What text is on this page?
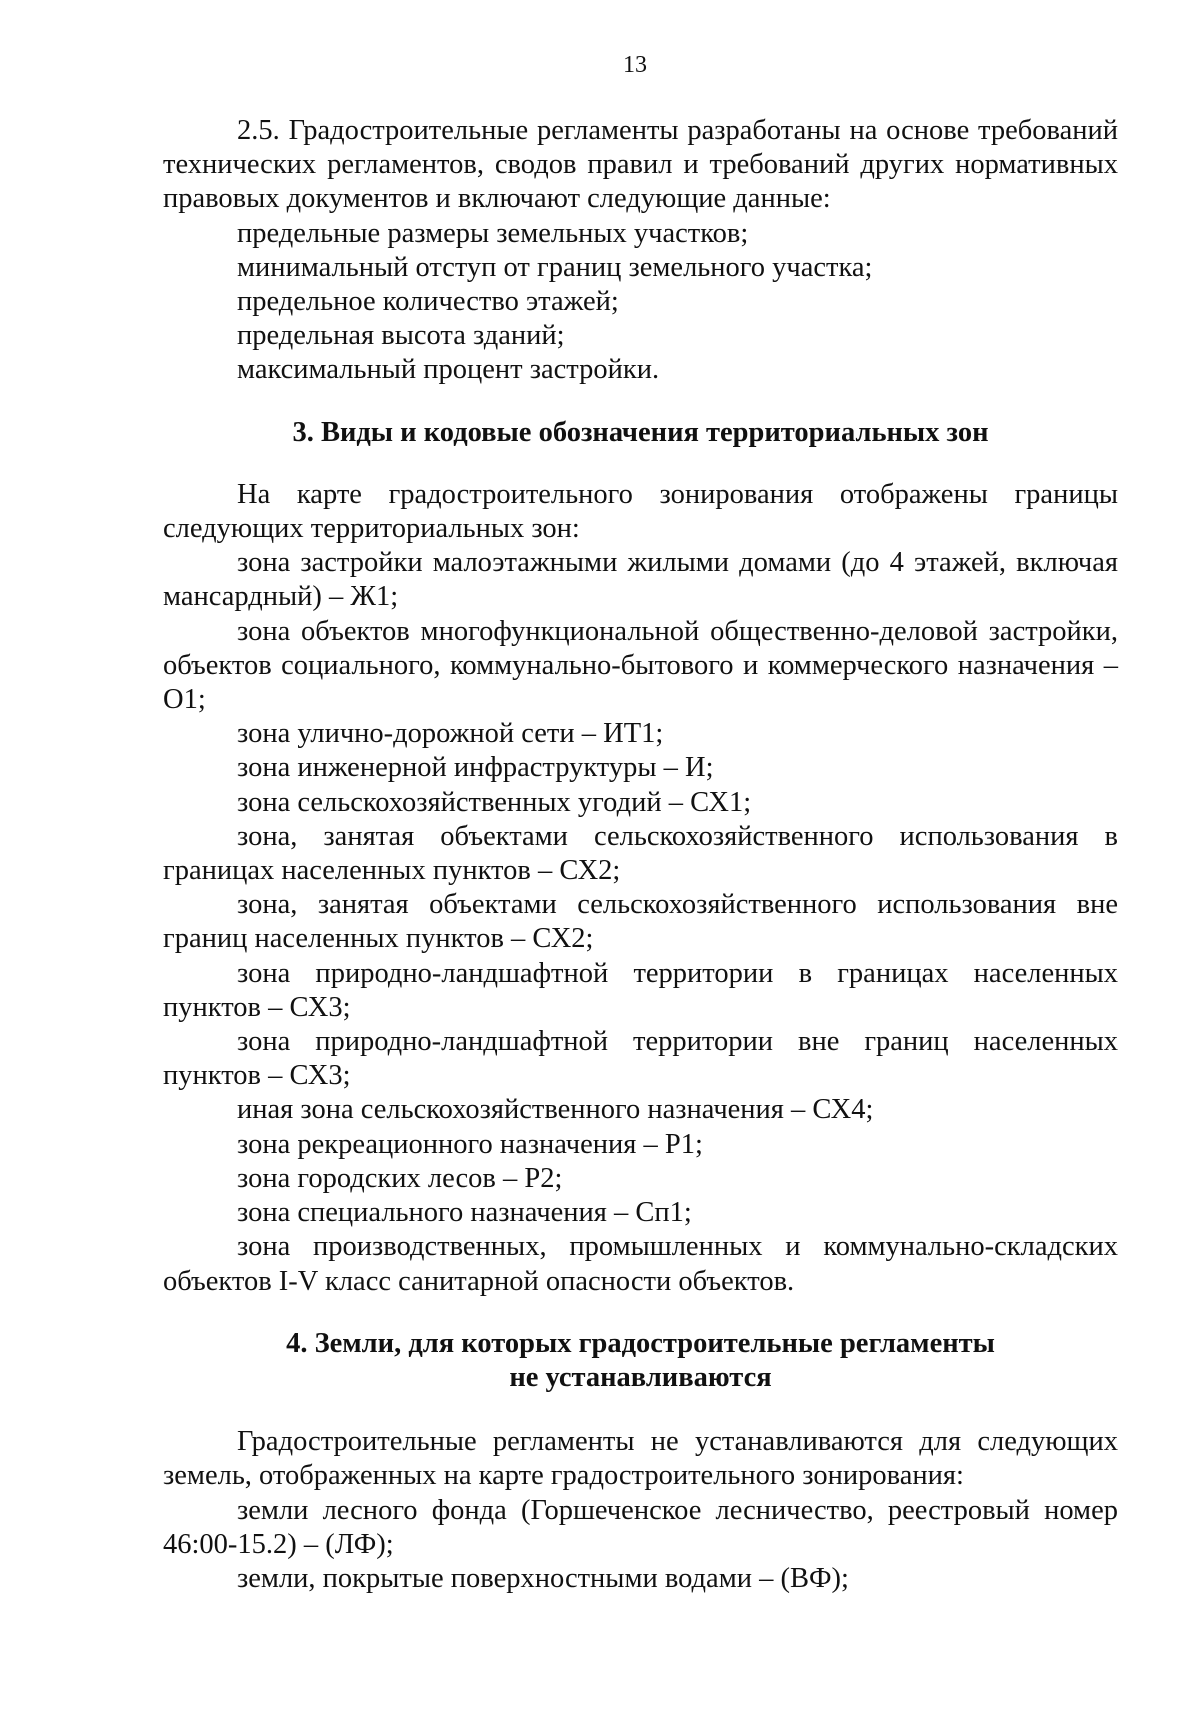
13

2.5. Градостроительные регламенты разработаны на основе требований технических регламентов, сводов правил и требований других нормативных правовых документов и включают следующие данные:

предельные размеры земельных участков;
минимальный отступ от границ земельного участка;
предельное количество этажей;
предельная высота зданий;
максимальный процент застройки.
3. Виды и кодовые обозначения территориальных зон

На карте градостроительного зонирования отображены границы следующих территориальных зон:

зона застройки малоэтажными жилыми домами (до 4 этажей, включая мансардный) – Ж1;
зона объектов многофункциональной общественно-деловой застройки, объектов социального, коммунально-бытового и коммерческого назначения – О1;
зона улично-дорожной сети – ИТ1;
зона инженерной инфраструктуры – И;
зона сельскохозяйственных угодий – СХ1;
зона, занятая объектами сельскохозяйственного использования в границах населенных пунктов – СХ2;
зона, занятая объектами сельскохозяйственного использования вне границ населенных пунктов – СХ2;
зона природно-ландшафтной территории в границах населенных пунктов – СХ3;
зона природно-ландшафтной территории вне границ населенных пунктов – СХ3;
иная зона сельскохозяйственного назначения – СХ4;
зона рекреационного назначения – Р1;
зона городских лесов – Р2;
зона специального назначения – Сп1;
зона производственных, промышленных и коммунально-складских объектов I-V класс санитарной опасности объектов.
4. Земли, для которых градостроительные регламенты
не устанавливаются

Градостроительные регламенты не устанавливаются для следующих земель, отображенных на карте градостроительного зонирования:

земли лесного фонда (Горшеченское лесничество, реестровый номер 46:00-15.2) – (ЛФ);
земли, покрытые поверхностными водами – (ВФ);
